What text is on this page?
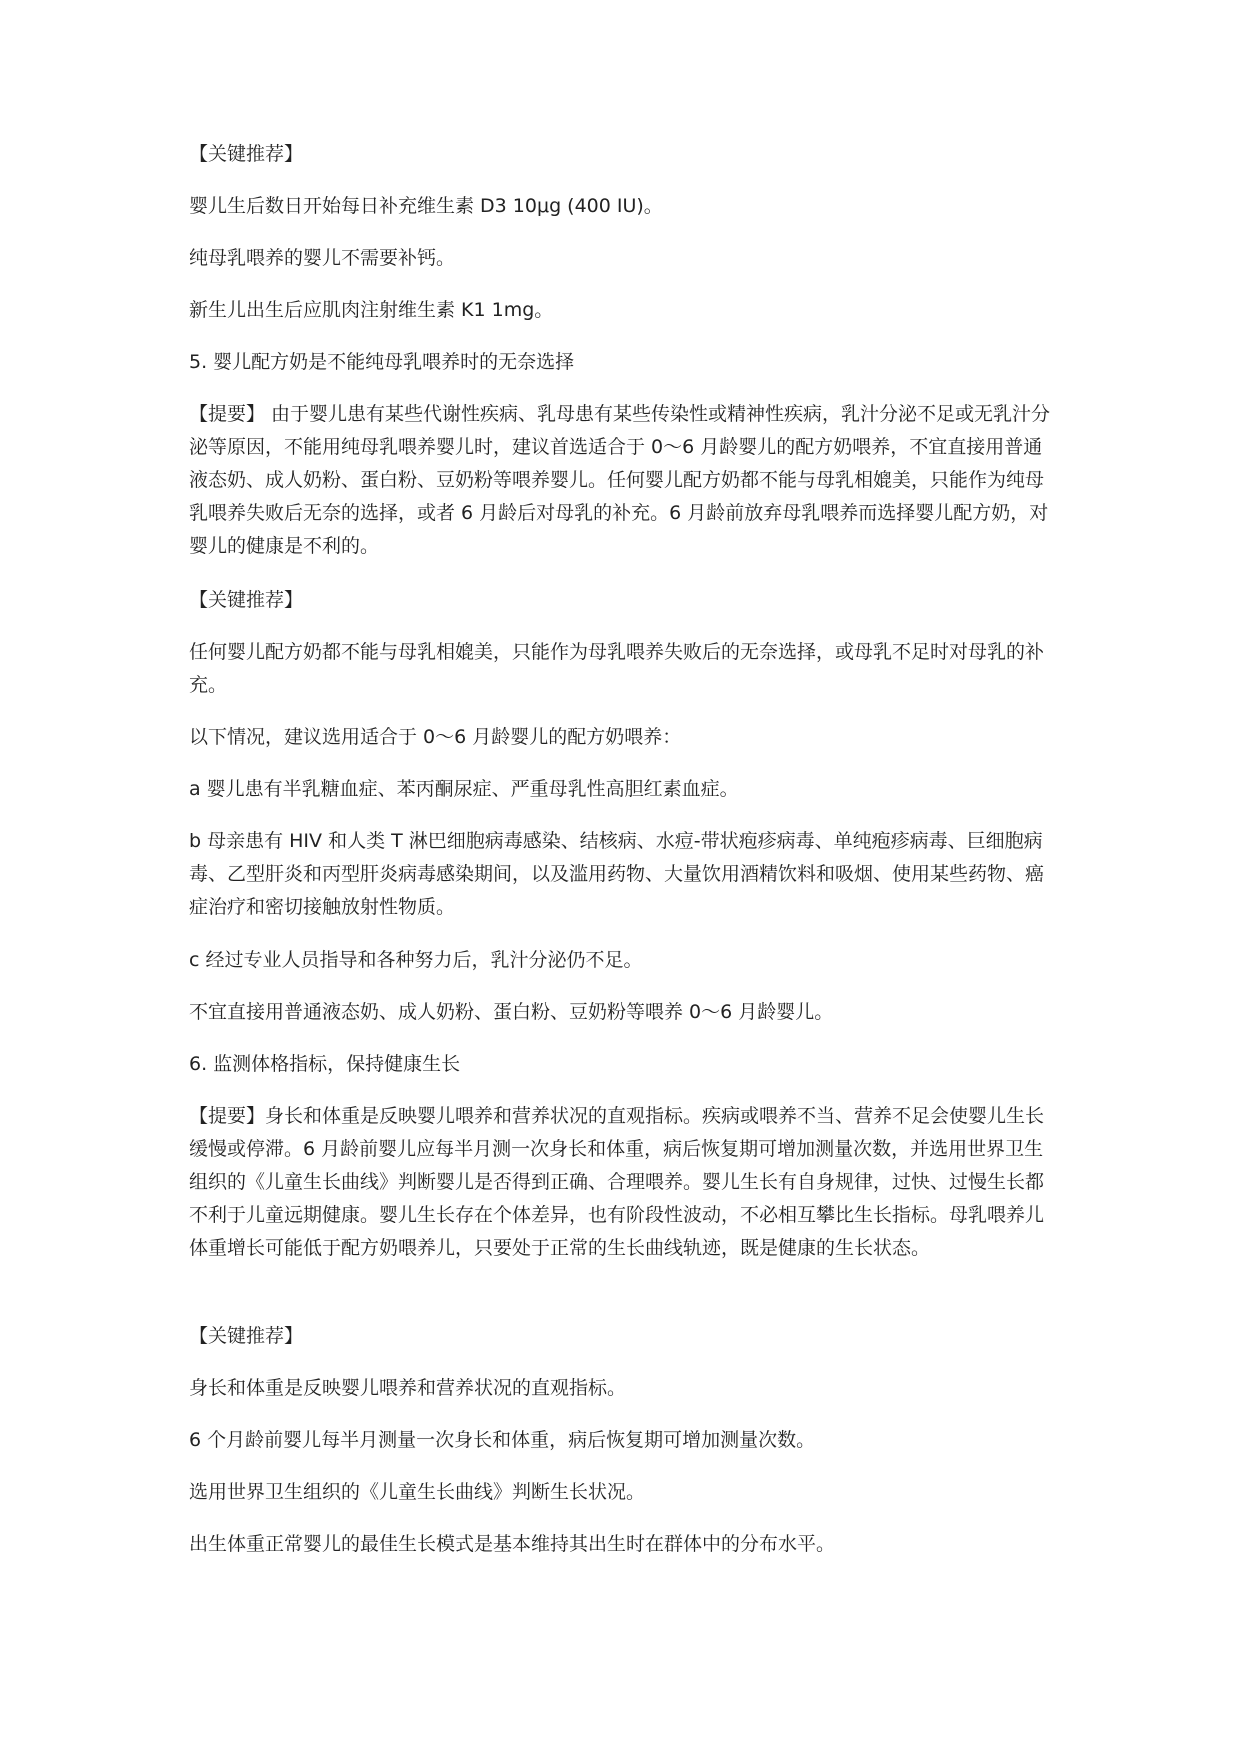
【关键推荐】

婴儿生后数日开始每日补充维生素 D3 10μg (400 IU)。

纯母乳喂养的婴儿不需要补钙。

新生儿出生后应肌肉注射维生素 K1 1mg。

5. 婴儿配方奶是不能纯母乳喂养时的无奈选择

【提要】 由于婴儿患有某些代谢性疾病、乳母患有某些传染性或精神性疾病，乳汁分泌不足或无乳汁分泌等原因，不能用纯母乳喂养婴儿时，建议首选适合于 0～6 月龄婴儿的配方奶喂养，不宜直接用普通液态奶、成人奶粉、蛋白粉、豆奶粉等喂养婴儿。任何婴儿配方奶都不能与母乳相媲美，只能作为纯母乳喂养失败后无奈的选择，或者 6 月龄后对母乳的补充。6 月龄前放弃母乳喂养而选择婴儿配方奶，对婴儿的健康是不利的。

【关键推荐】

任何婴儿配方奶都不能与母乳相媲美，只能作为母乳喂养失败后的无奈选择，或母乳不足时对母乳的补充。

以下情况，建议选用适合于 0～6 月龄婴儿的配方奶喂养：

a 婴儿患有半乳糖血症、苯丙酮尿症、严重母乳性高胆红素血症。

b 母亲患有 HIV 和人类 T 淋巴细胞病毒感染、结核病、水痘-带状疱疹病毒、单纯疱疹病毒、巨细胞病毒、乙型肝炎和丙型肝炎病毒感染期间，以及滥用药物、大量饮用酒精饮料和吸烟、使用某些药物、癌症治疗和密切接触放射性物质。

c 经过专业人员指导和各种努力后，乳汁分泌仍不足。

不宜直接用普通液态奶、成人奶粉、蛋白粉、豆奶粉等喂养 0～6 月龄婴儿。

6. 监测体格指标，保持健康生长

【提要】身长和体重是反映婴儿喂养和营养状况的直观指标。疾病或喂养不当、营养不足会使婴儿生长缓慢或停滞。6 月龄前婴儿应每半月测一次身长和体重，病后恢复期可增加测量次数，并选用世界卫生组织的《儿童生长曲线》判断婴儿是否得到正确、合理喂养。婴儿生长有自身规律，过快、过慢生长都不利于儿童远期健康。婴儿生长存在个体差异，也有阶段性波动，不必相互攀比生长指标。母乳喂养儿体重增长可能低于配方奶喂养儿，只要处于正常的生长曲线轨迹，既是健康的生长状态。

【关键推荐】

身长和体重是反映婴儿喂养和营养状况的直观指标。

6 个月龄前婴儿每半月测量一次身长和体重，病后恢复期可增加测量次数。

选用世界卫生组织的《儿童生长曲线》判断生长状况。

出生体重正常婴儿的最佳生长模式是基本维持其出生时在群体中的分布水平。
